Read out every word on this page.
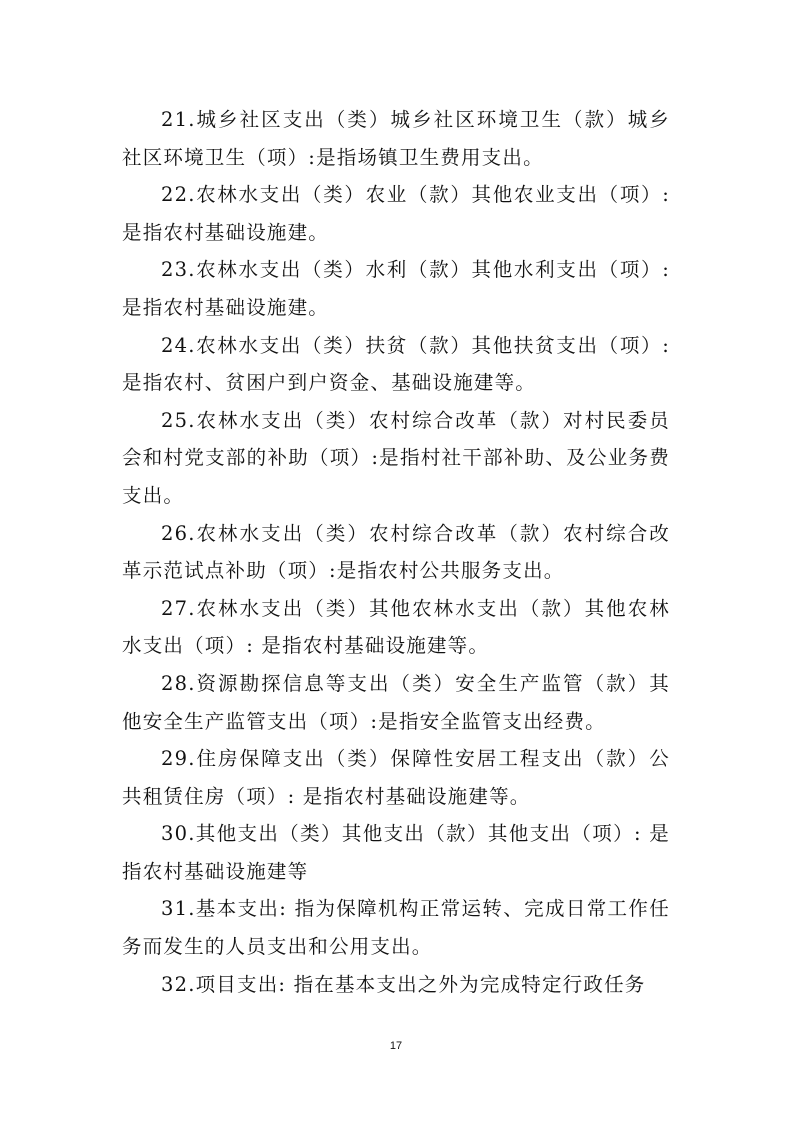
21.城乡社区支出（类）城乡社区环境卫生（款）城乡社区环境卫生（项）:是指场镇卫生费用支出。

22.农林水支出（类）农业（款）其他农业支出（项）:是指农村基础设施建。

23.农林水支出（类）水利（款）其他水利支出（项）:是指农村基础设施建。

24.农林水支出（类）扶贫（款）其他扶贫支出（项）:是指农村、贫困户到户资金、基础设施建等。

25.农林水支出（类）农村综合改革（款）对村民委员会和村党支部的补助（项）:是指村社干部补助、及公业务费支出。

26.农林水支出（类）农村综合改革（款）农村综合改革示范试点补助（项）:是指农村公共服务支出。

27.农林水支出（类）其他农林水支出（款）其他农林水支出（项）: 是指农村基础设施建等。

28.资源勘探信息等支出（类）安全生产监管（款）其他安全生产监管支出（项）:是指安全监管支出经费。

29.住房保障支出（类）保障性安居工程支出（款）公共租赁住房（项）: 是指农村基础设施建等。

30.其他支出（类）其他支出（款）其他支出（项）: 是指农村基础设施建等

31.基本支出: 指为保障机构正常运转、完成日常工作任务而发生的人员支出和公用支出。

32.项目支出: 指在基本支出之外为完成特定行政任务

17
